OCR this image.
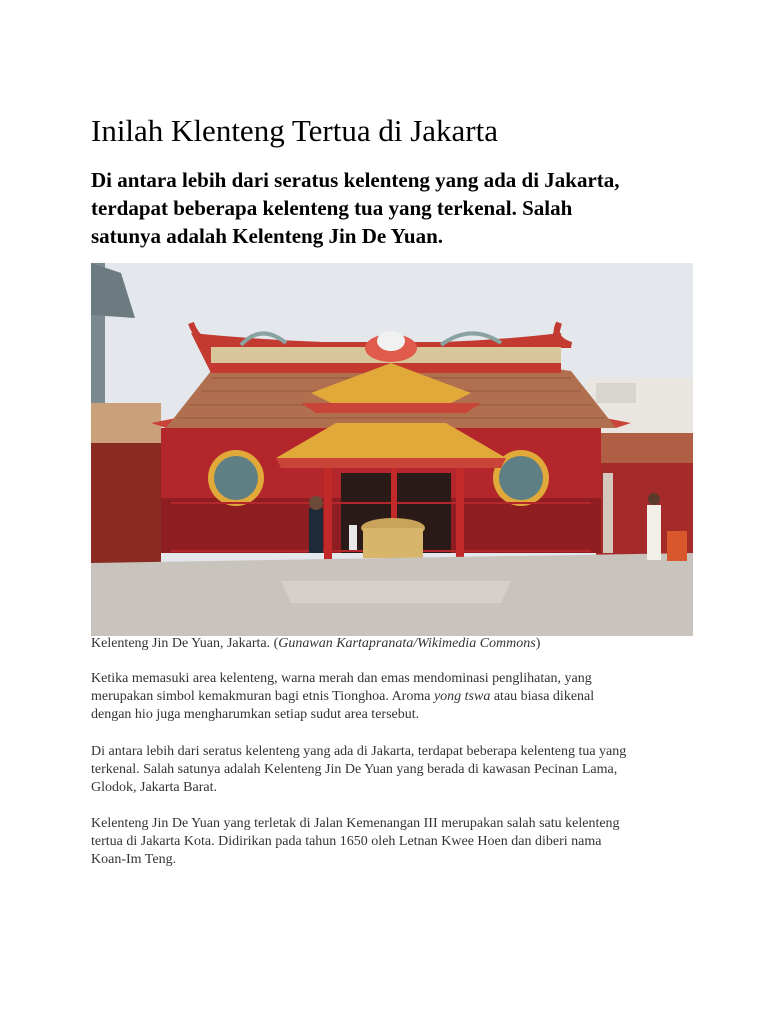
Inilah Klenteng Tertua di Jakarta

Di antara lebih dari seratus kelenteng yang ada di Jakarta,
terdapat beberapa kelenteng tua yang terkenal. Salah
satunya adalah Kelenteng Jin De Yuan.

Kelenteng Jin De Yuan, Jakarta. (Gunawan Kartapranata/Wikimedia Commons)

Ketika memasuki area kelenteng, warna merah dan emas mendominasi penglihatan, yang
merupakan simbol kemakmuran bagi etnis Tionghoa. Aroma yong tswa atau biasa dikenal
dengan hio juga mengharumkan setiap sudut area tersebut.

Di antara lebih dari seratus kelenteng yang ada di Jakarta, terdapat beberapa kelenteng tua yang
terkenal. Salah satunya adalah Kelenteng Jin De Yuan yang berada di kawasan Pecinan Lama,
Glodok, Jakarta Barat.

Kelenteng Jin De Yuan yang terletak di Jalan Kemenangan III merupakan salah satu kelenteng
tertua di Jakarta Kota. Didirikan pada tahun 1650 oleh Letnan Kwee Hoen dan diberi nama
Koan-Im Teng.
